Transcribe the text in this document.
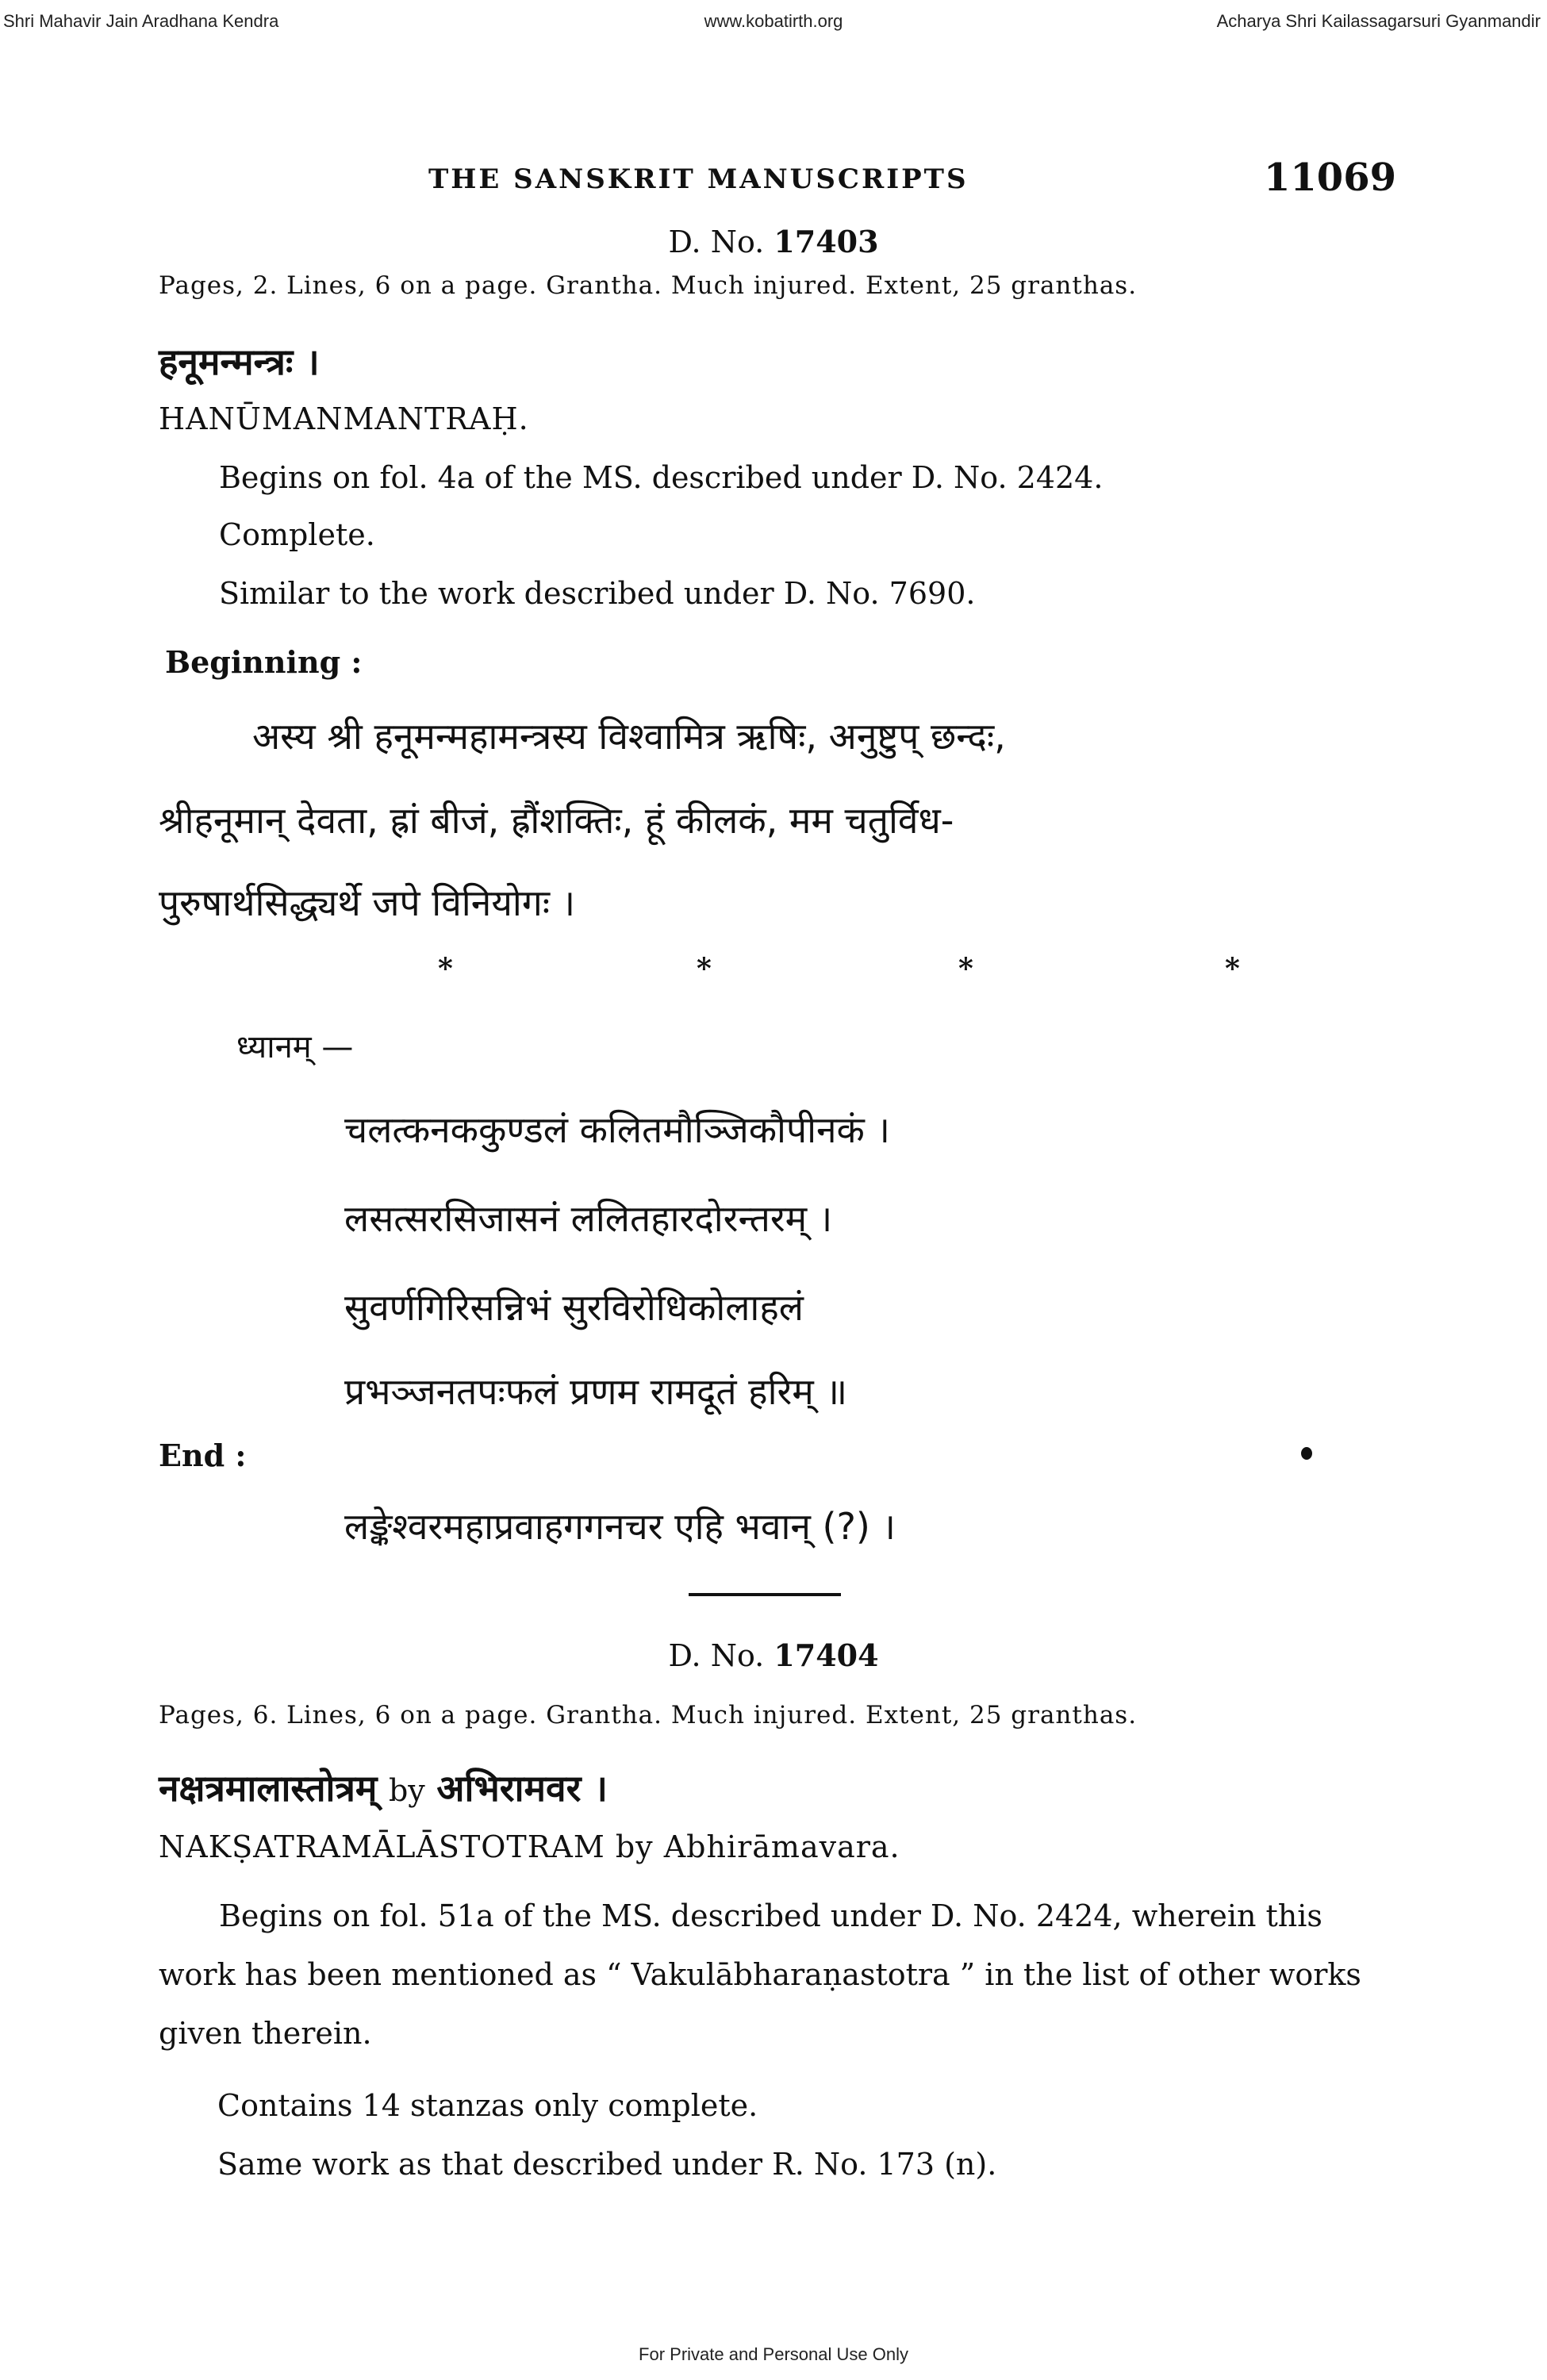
www.kobatirth.org
Shri Mahavir Jain Aradhana Kendra	Acharya Shri Kailassagarsuri Gyanmandir
THE SANSKRIT MANUSCRIPTS	11069
D. No. 17403
Pages, 2. Lines, 6 on a page. Grantha. Much injured. Extent, 25 granthas.
हनूमन्मन्त्रः ।
HANŪMANMANTRAḤ.
Begins on fol. 4a of the MS. described under D. No. 2424.
Complete.
Similar to the work described under D. No. 7690.
Beginning :
अस्य श्री हनूमन्महामन्त्रस्य विश्वामित्र ऋषिः, अनुष्टुप् छन्दः,
श्रीहनूमान् देवता, ह्रां बीजं, ह्रौंशक्तिः, हूं कीलकं, मम चतुर्विध-
पुरुषार्थसिद्ध्यर्थे जपे विनियोगः ।
*	*	*	*
ध्यानम् —
चलत्कनककुण्डलं कलितमौञ्जिकौपीनकं ।
लसत्सरसिजासनं ललितहारदोरन्तरम् ।
सुवर्णगिरिसन्निभं सुरविरोधिकोलाहलं
प्रभञ्जनतपःफलं प्रणम रामदूतं हरिम् ॥
End :
लङ्केश्वरमहाप्रवाहगगनचर एहि भवान् (?) ।
D. No. 17404
Pages, 6. Lines, 6 on a page. Grantha. Much injured. Extent, 25 granthas.
नक्षत्रमालास्तोत्रम् by अभिरामवर ।
NAKṢATRAMĀLĀSTOTRAM by Abhirāmavara.
Begins on fol. 51a of the MS. described under D. No. 2424, wherein this work has been mentioned as “ Vakulābharaṇastotra ” in the list of other works given therein.
Contains 14 stanzas only complete.
Same work as that described under R. No. 173 (n).
For Private and Personal Use Only
